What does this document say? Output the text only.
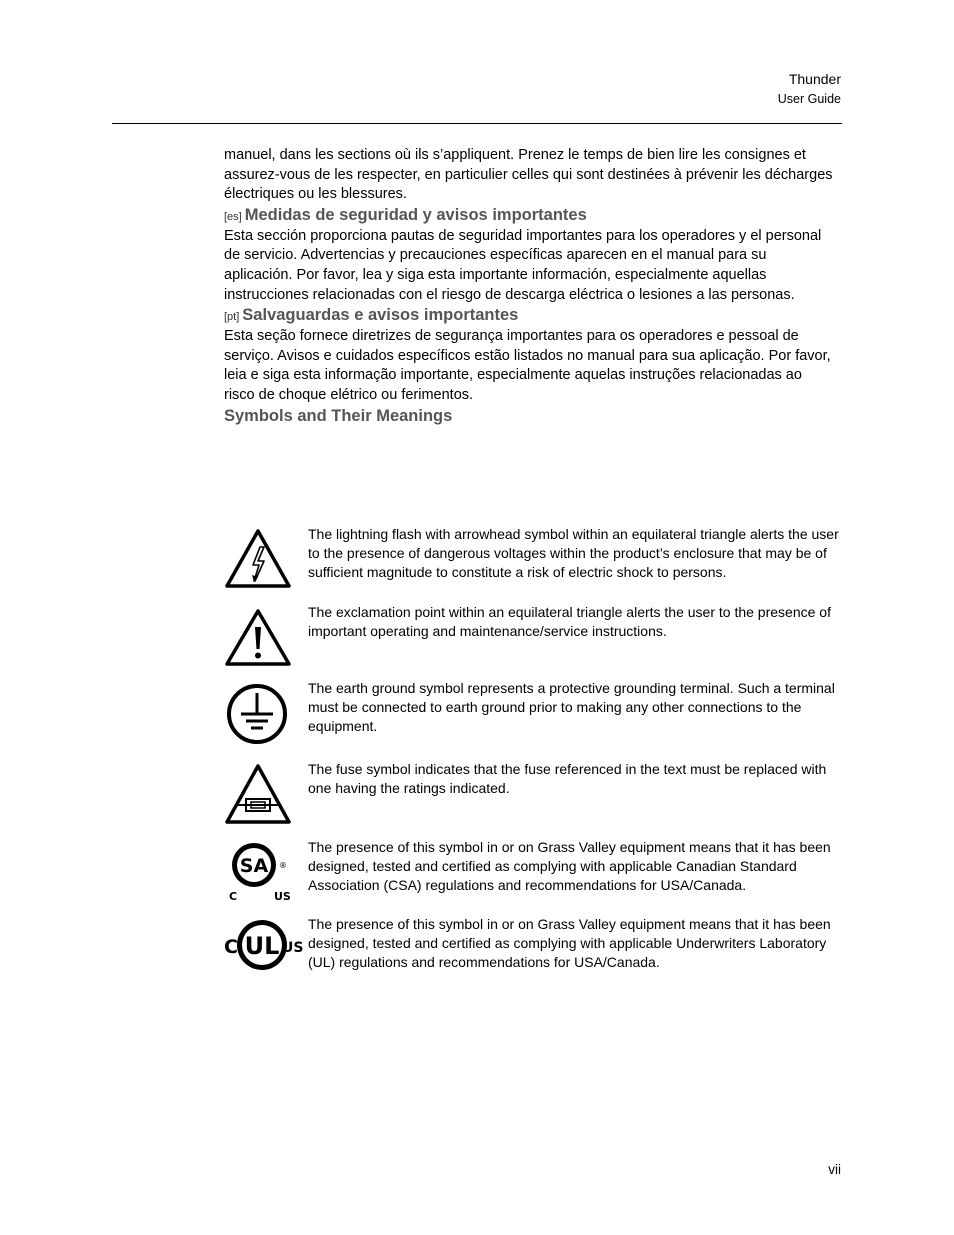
Thunder
User Guide

manuel, dans les sections où ils s’appliquent. Prenez le temps de bien lire les consignes et assurez-vous de les respecter, en particulier celles qui sont destinées à prévenir les décharges électriques ou les blessures.

[es] Medidas de seguridad y avisos importantes

Esta sección proporciona pautas de seguridad importantes para los operadores y el personal de servicio. Advertencias y precauciones específicas aparecen en el manual para su aplicación. Por favor, lea y siga esta importante información, especialmente aquellas instrucciones relacionadas con el riesgo de descarga eléctrica o lesiones a las personas.

[pt] Salvaguardas e avisos importantes

Esta seção fornece diretrizes de segurança importantes para os operadores e pessoal de serviço. Avisos e cuidados específicos estão listados no manual para sua aplicação. Por favor, leia e siga esta informação importante, especialmente aquelas instruções relacionadas ao risco de choque elétrico ou ferimentos.

Symbols and Their Meanings
The lightning flash with arrowhead symbol within an equilateral triangle alerts the user to the presence of dangerous voltages within the product’s enclosure that may be of sufficient magnitude to constitute a risk of electric shock to persons.
The exclamation point within an equilateral triangle alerts the user to the presence of important operating and maintenance/service instructions.
The earth ground symbol represents a protective grounding terminal. Such a terminal must be connected to earth ground prior to making any other connections to the equipment.
The fuse symbol indicates that the fuse referenced in the text must be replaced with one having the ratings indicated.
SA ®
C	US
The presence of this symbol in or on Grass Valley equipment means that it has been designed, tested and certified as complying with applicable Canadian Standard Association (CSA) regulations and recommendations for USA/Canada.
UL
C	US
The presence of this symbol in or on Grass Valley equipment means that it has been designed, tested and certified as complying with applicable Underwriters Laboratory (UL) regulations and recommendations for USA/Canada.
vii
